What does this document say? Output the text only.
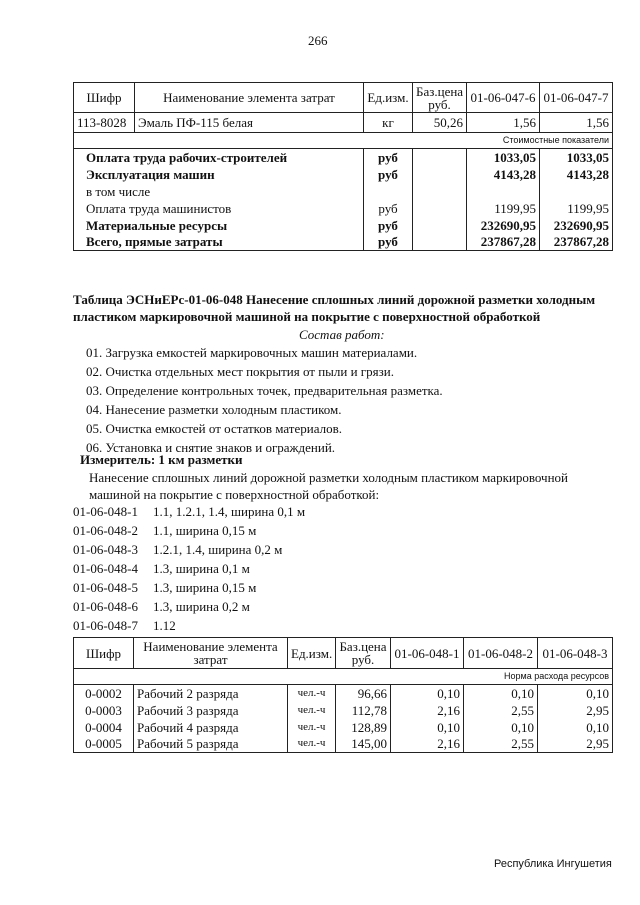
266
Шифр	Наименование элемента затрат	Ед.изм.	Баз.цена руб.	01-06-047-6	01-06-047-7
113-8028	Эмаль ПФ-115 белая	кг	50,26	1,56	1,56
Стоимостные показатели					
Оплата труда рабочих-строителей		руб		1033,05	1033,05
Эксплуатация машин		руб		4143,28	4143,28
в том числе					
Оплата труда машинистов		руб		1199,95	1199,95
Материальные ресурсы		руб		232690,95	232690,95
Всего, прямые затраты		руб		237867,28	237867,28
Таблица ЭСНиЕРс-01-06-048 Нанесение сплошных линий дорожной разметки холодным
пластиком маркировочной машиной на покрытие с поверхностной обработкой
Состав работ:
01. Загрузка емкостей маркировочных машин материалами.
02. Очистка отдельных мест покрытия от пыли и грязи.
03. Определение контрольных точек, предварительная разметка.
04. Нанесение разметки холодным пластиком.
05. Очистка емкостей от остатков материалов.
06. Установка и снятие знаков и ограждений.
Измеритель: 1 км разметки
Нанесение сплошных линий дорожной разметки холодным пластиком маркировочной
машиной на покрытие с поверхностной обработкой:
01-06-048-1 1.1, 1.2.1, 1.4, ширина 0,1 м
01-06-048-2 1.1, ширина 0,15 м
01-06-048-3 1.2.1, 1.4, ширина 0,2 м
01-06-048-4 1.3, ширина 0,1 м
01-06-048-5 1.3, ширина 0,15 м
01-06-048-6 1.3, ширина 0,2 м
01-06-048-7 1.12
Шифр	Наименование элемента затрат	Ед.изм.	Баз.цена руб.	01-06-048-1	01-06-048-2	01-06-048-3
Норма расхода ресурсов						
0-0002	Рабочий 2 разряда	чел.-ч	96,66	0,10	0,10	0,10
0-0003	Рабочий 3 разряда	чел.-ч	112,78	2,16	2,55	2,95
0-0004	Рабочий 4 разряда	чел.-ч	128,89	0,10	0,10	0,10
0-0005	Рабочий 5 разряда	чел.-ч	145,00	2,16	2,55	2,95
Республика Ингушетия
